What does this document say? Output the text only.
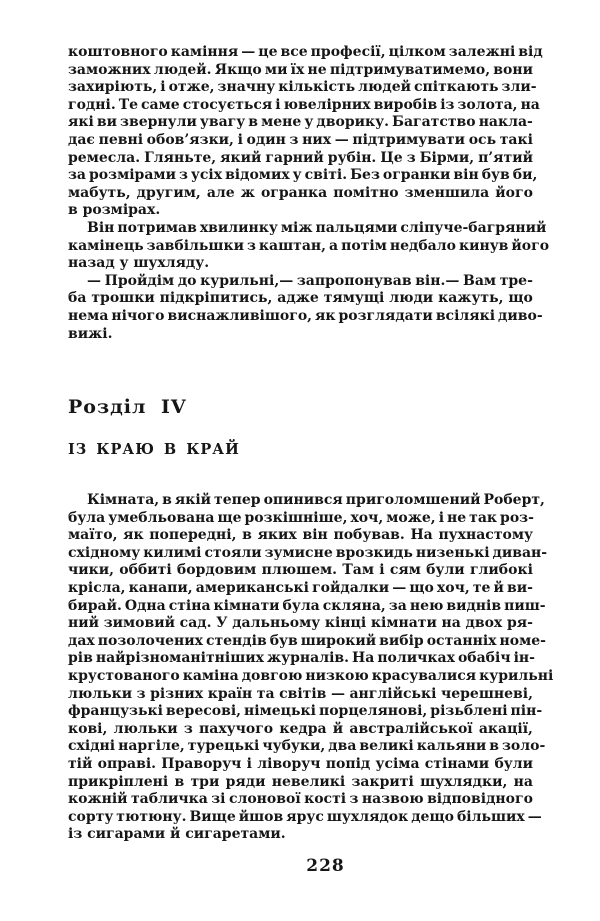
коштовного каміння — це все професії, цілком залежні від
заможних людей. Якщо ми їх не підтримуватимемо, вони
захиріють, і отже, значну кількість людей спіткають зли-
годні. Те саме стосується і ювелірних виробів із золота, на
які ви звернули увагу в мене у дворику. Багатство накла-
дає певні обов’язки, і один з них — підтримувати ось такі
ремесла. Гляньте, який гарний рубін. Це з Бірми, п’ятий
за розмірами з усіх відомих у світі. Без огранки він був би,
мабуть, другим, але ж огранка помітно зменшила його
в розмірах.
Він потримав хвилинку між пальцями сліпуче-багряний
камінець завбільшки з каштан, а потім недбало кинув його
назад у шухляду.
— Пройдім до курильні,— запропонував він.— Вам тре-
ба трошки підкріпитись, адже тямущі люди кажуть, що
нема нічого виснажливішого, як розглядати всілякі диво-
вижі.
Розділ IV
ІЗ КРАЮ В КРАЙ
Кімната, в якій тепер опинився приголомшений Роберт,
була умебльована ще розкішніше, хоч, може, і не так роз-
маїто, як попередні, в яких він побував. На пухнастому
східному килимі стояли зумисне врозкидь низенькі диван-
чики, оббиті бордовим плюшем. Там і сям були глибокі
крісла, канапи, американські гойдалки — що хоч, те й ви-
бирай. Одна стіна кімнати була скляна, за нею виднів пиш-
ний зимовий сад. У дальньому кінці кімнати на двох ря-
дах позолочених стендів був широкий вибір останніх номе-
рів найрізноманітніших журналів. На поличках обабіч ін-
крустованого каміна довгою низкою красувалися курильні
люльки з різних країн та світів — англійські черешневі,
французькі вересові, німецькі порцелянові, різьблені пін-
кові, люльки з пахучого кедра й австралійської акації,
східні наргіле, турецькі чубуки, два великі кальяни в золо-
тій оправі. Праворуч і ліворуч попід усіма стінами були
прикріплені в три ряди невеликі закриті шухлядки, на
кожній табличка зі слонової кості з назвою відповідного
сорту тютюну. Вище йшов ярус шухлядок дещо більших —
із сигарами й сигаретами.
228
